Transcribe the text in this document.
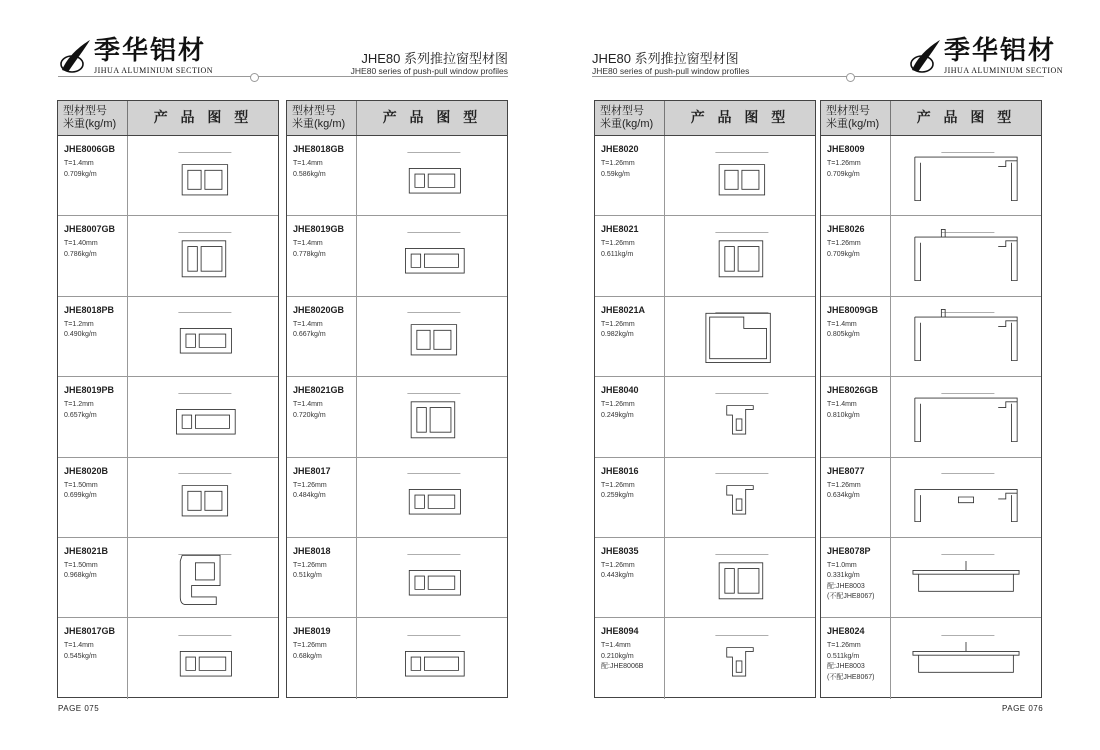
季华铝材
JIHUA ALUMINIUM SECTION
JHE80 系列推拉窗型材图
JHE80 series of push-pull window profiles
型材型号
米重(kg/m)	产 品 图 型
JHE8006GB
T=1.4mm
0.709kg/m
JHE8007GB
T=1.40mm
0.786kg/m
JHE8018PB
T=1.2mm
0.490kg/m
JHE8019PB
T=1.2mm
0.657kg/m
JHE8020B
T=1.50mm
0.699kg/m
JHE8021B
T=1.50mm
0.968kg/m
JHE8017GB
T=1.4mm
0.545kg/m
型材型号
米重(kg/m)	产 品 图 型
JHE8018GB
T=1.4mm
0.586kg/m
JHE8019GB
T=1.4mm
0.778kg/m
JHE8020GB
T=1.4mm
0.667kg/m
JHE8021GB
T=1.4mm
0.720kg/m
JHE8017
T=1.26mm
0.484kg/m
JHE8018
T=1.26mm
0.51kg/m
JHE8019
T=1.26mm
0.68kg/m
PAGE 075
JHE80 系列推拉窗型材图
JHE80 series of push-pull window profiles
季华铝材
JIHUA ALUMINIUM SECTION
型材型号
米重(kg/m)	产 品 图 型
JHE8020
T=1.26mm
0.59kg/m
JHE8021
T=1.26mm
0.611kg/m
JHE8021A
T=1.26mm
0.982kg/m
JHE8040
T=1.26mm
0.249kg/m
JHE8016
T=1.26mm
0.259kg/m
JHE8035
T=1.26mm
0.443kg/m
JHE8094
T=1.4mm
0.210kg/m
配:JHE8006B
型材型号
米重(kg/m)	产 品 图 型
JHE8009
T=1.26mm
0.709kg/m
JHE8026
T=1.26mm
0.709kg/m
JHE8009GB
T=1.4mm
0.805kg/m
JHE8026GB
T=1.4mm
0.810kg/m
JHE8077
T=1.26mm
0.634kg/m
JHE8078P
T=1.0mm
0.331kg/m
配:JHE8003
(不配JHE8067)
JHE8024
T=1.26mm
0.511kg/m
配:JHE8003
(不配JHE8067)
PAGE 076
